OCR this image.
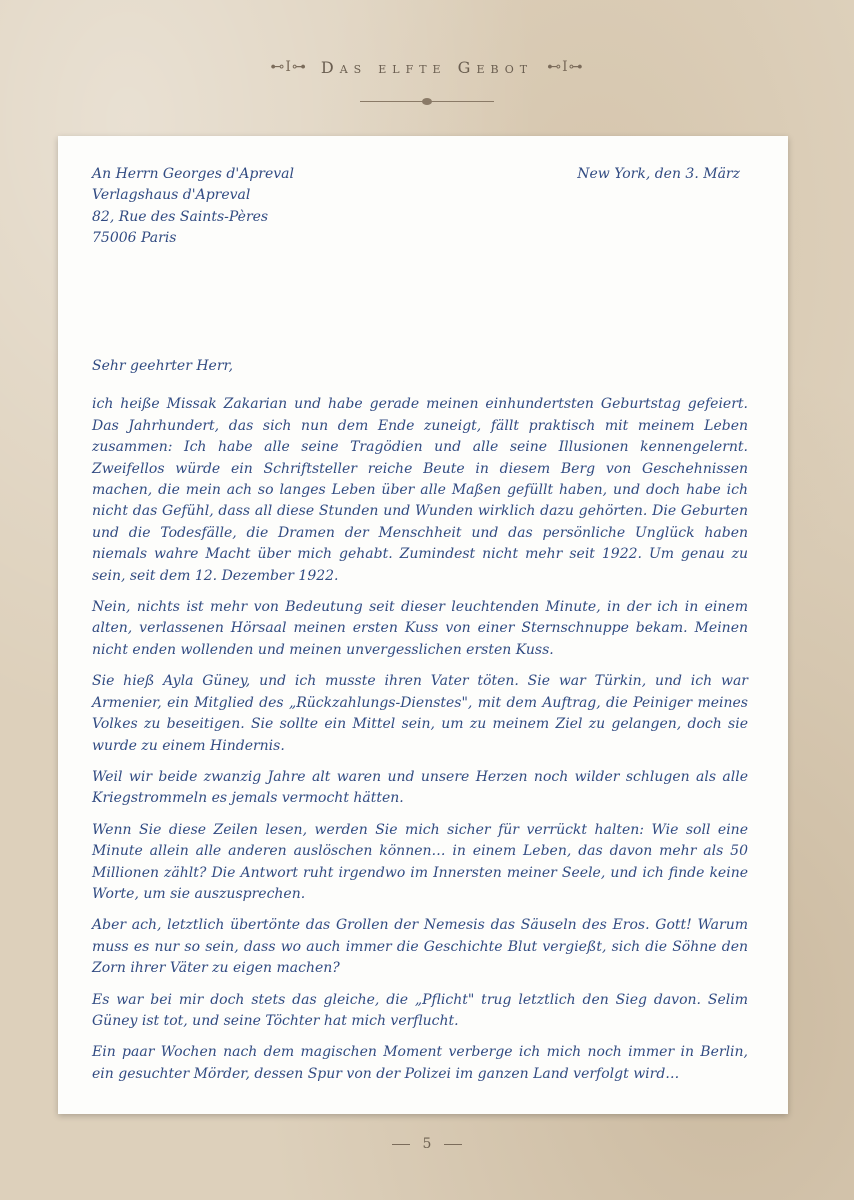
⊷I⊶ Das elfte Gebot ⊷I⊶
An Herrn Georges d'Apreval
Verlagshaus d'Apreval
82, Rue des Saints-Pères
75006 Paris
New York, den 3. März
Sehr geehrter Herr,

ich heiße Missak Zakarian und habe gerade meinen einhundertsten Geburtstag gefeiert. Das Jahrhundert, das sich nun dem Ende zuneigt, fällt praktisch mit meinem Leben zusammen: Ich habe alle seine Tragödien und alle seine Illusionen kennengelernt. Zweifellos würde ein Schriftsteller reiche Beute in diesem Berg von Geschehnissen machen, die mein ach so langes Leben über alle Maßen gefüllt haben, und doch habe ich nicht das Gefühl, dass all diese Stunden und Wunden wirklich dazu gehörten. Die Geburten und die Todesfälle, die Dramen der Menschheit und das persönliche Unglück haben niemals wahre Macht über mich gehabt. Zumindest nicht mehr seit 1922. Um genau zu sein, seit dem 12. Dezember 1922.

Nein, nichts ist mehr von Bedeutung seit dieser leuchtenden Minute, in der ich in einem alten, verlassenen Hörsaal meinen ersten Kuss von einer Sternschnuppe bekam. Meinen nicht enden wollenden und meinen unvergesslichen ersten Kuss.

Sie hieß Ayla Güney, und ich musste ihren Vater töten. Sie war Türkin, und ich war Armenier, ein Mitglied des „Rückzahlungs-Dienstes", mit dem Auftrag, die Peiniger meines Volkes zu beseitigen. Sie sollte ein Mittel sein, um zu meinem Ziel zu gelangen, doch sie wurde zu einem Hindernis.

Weil wir beide zwanzig Jahre alt waren und unsere Herzen noch wilder schlugen als alle Kriegstrommeln es jemals vermocht hätten.

Wenn Sie diese Zeilen lesen, werden Sie mich sicher für verrückt halten: Wie soll eine Minute allein alle anderen auslöschen können… in einem Leben, das davon mehr als 50 Millionen zählt? Die Antwort ruht irgendwo im Innersten meiner Seele, und ich finde keine Worte, um sie auszusprechen.

Aber ach, letztlich übertönte das Grollen der Nemesis das Säuseln des Eros. Gott! Warum muss es nur so sein, dass wo auch immer die Geschichte Blut vergießt, sich die Söhne den Zorn ihrer Väter zu eigen machen?

Es war bei mir doch stets das gleiche, die „Pflicht" trug letztlich den Sieg davon. Selim Güney ist tot, und seine Töchter hat mich verflucht.

Ein paar Wochen nach dem magischen Moment verberge ich mich noch immer in Berlin, ein gesuchter Mörder, dessen Spur von der Polizei im ganzen Land verfolgt wird…

5
